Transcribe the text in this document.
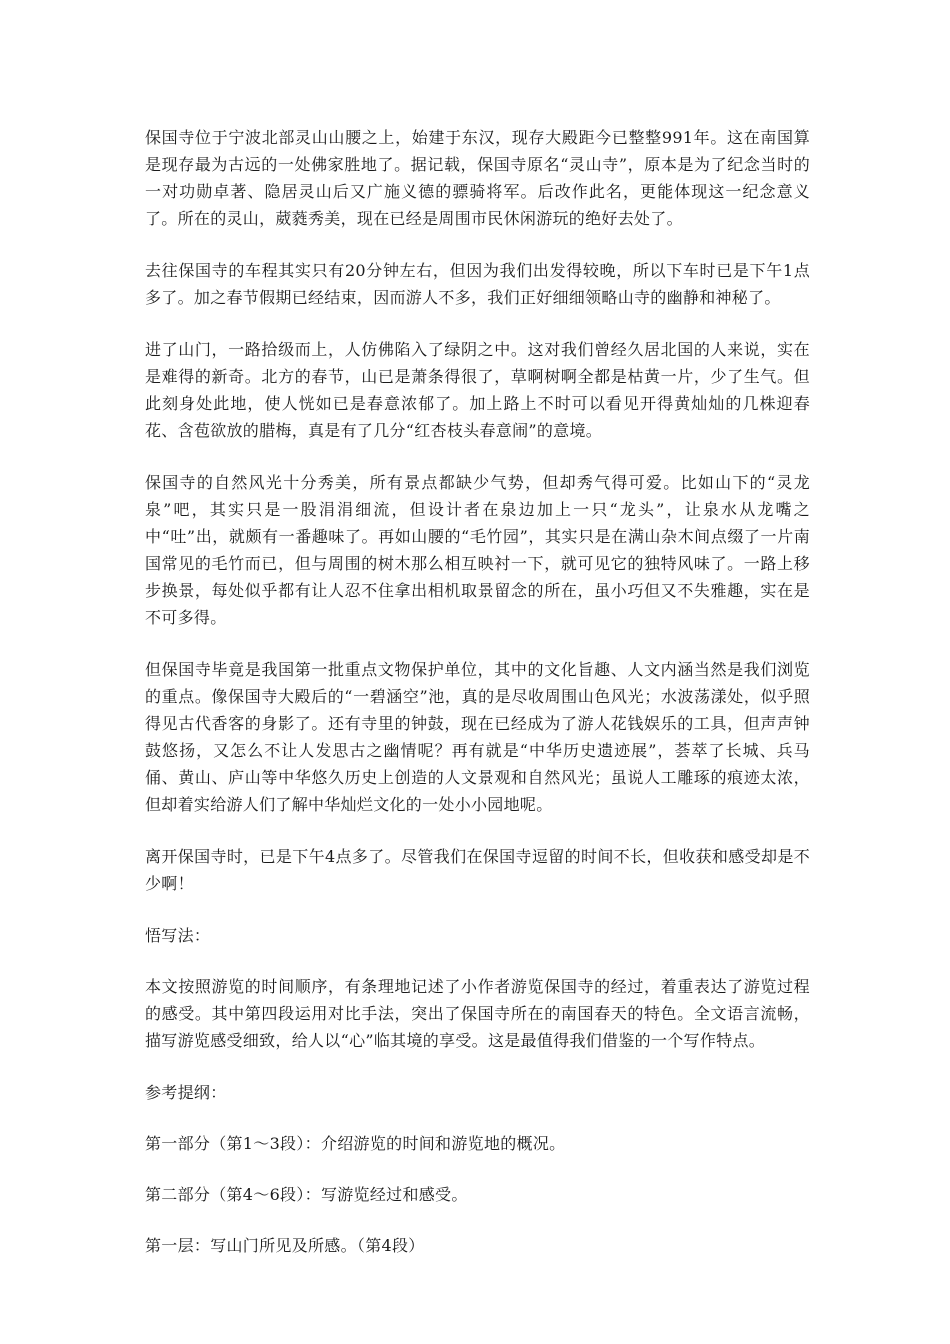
保国寺位于宁波北部灵山山腰之上，始建于东汉，现存大殿距今已整整991年。这在南国算是现存最为古远的一处佛家胜地了。据记载，保国寺原名“灵山寺”，原本是为了纪念当时的一对功勋卓著、隐居灵山后又广施义德的骠骑将军。后改作此名，更能体现这一纪念意义了。所在的灵山，葳蕤秀美，现在已经是周围市民休闲游玩的绝好去处了。

去往保国寺的车程其实只有20分钟左右，但因为我们出发得较晚，所以下车时已是下午1点多了。加之春节假期已经结束，因而游人不多，我们正好细细领略山寺的幽静和神秘了。

进了山门，一路拾级而上，人仿佛陷入了绿阴之中。这对我们曾经久居北国的人来说，实在是难得的新奇。北方的春节，山已是萧条得很了，草啊树啊全都是枯黄一片，少了生气。但此刻身处此地，使人恍如已是春意浓郁了。加上路上不时可以看见开得黄灿灿的几株迎春花、含苞欲放的腊梅，真是有了几分“红杏枝头春意闹”的意境。

保国寺的自然风光十分秀美，所有景点都缺少气势，但却秀气得可爱。比如山下的“灵龙泉”吧，其实只是一股涓涓细流，但设计者在泉边加上一只“龙头”，让泉水从龙嘴之中“吐”出，就颇有一番趣味了。再如山腰的“毛竹园”，其实只是在满山杂木间点缀了一片南国常见的毛竹而已，但与周围的树木那么相互映衬一下，就可见它的独特风味了。一路上移步换景，每处似乎都有让人忍不住拿出相机取景留念的所在，虽小巧但又不失雅趣，实在是不可多得。

但保国寺毕竟是我国第一批重点文物保护单位，其中的文化旨趣、人文内涵当然是我们浏览的重点。像保国寺大殿后的“一碧涵空”池，真的是尽收周围山色风光；水波荡漾处，似乎照得见古代香客的身影了。还有寺里的钟鼓，现在已经成为了游人花钱娱乐的工具，但声声钟鼓悠扬，又怎么不让人发思古之幽情呢？再有就是“中华历史遗迹展”，荟萃了长城、兵马俑、黄山、庐山等中华悠久历史上创造的人文景观和自然风光；虽说人工雕琢的痕迹太浓，但却着实给游人们了解中华灿烂文化的一处小小园地呢。

离开保国寺时，已是下午4点多了。尽管我们在保国寺逗留的时间不长，但收获和感受却是不少啊！

悟写法：

本文按照游览的时间顺序，有条理地记述了小作者游览保国寺的经过，着重表达了游览过程的感受。其中第四段运用对比手法，突出了保国寺所在的南国春天的特色。全文语言流畅，描写游览感受细致，给人以“心”临其境的享受。这是最值得我们借鉴的一个写作特点。

参考提纲：

第一部分（第1～3段）：介绍游览的时间和游览地的概况。

第二部分（第4～6段）：写游览经过和感受。

第一层：写山门所见及所感。（第4段）
